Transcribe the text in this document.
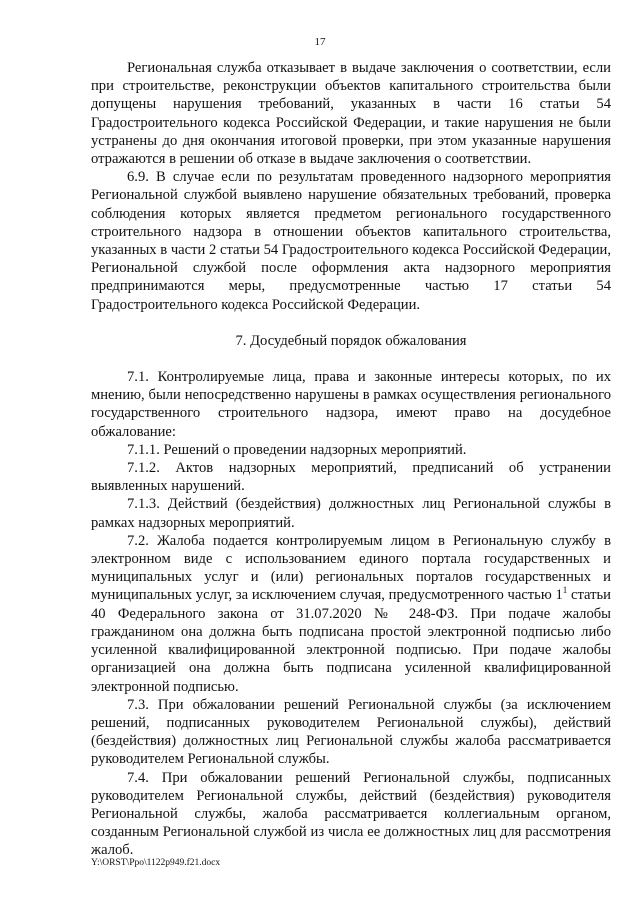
17

Региональная служба отказывает в выдаче заключения о соответствии, если при строительстве, реконструкции объектов капитального строительства были допущены нарушения требований, указанных в части 16 статьи 54 Градостроительного кодекса Российской Федерации, и такие нарушения не были устранены до дня окончания итоговой проверки, при этом указанные нарушения отражаются в решении об отказе в выдаче заключения о соответствии.

6.9. В случае если по результатам проведенного надзорного мероприятия Региональной службой выявлено нарушение обязательных требований, проверка соблюдения которых является предметом регионального государственного строительного надзора в отношении объектов капитального строительства, указанных в части 2 статьи 54 Градостроительного кодекса Российской Федерации, Региональной службой после оформления акта надзорного мероприятия предпринимаются меры, предусмотренные частью 17 статьи 54 Градостроительного кодекса Российской Федерации.

7. Досудебный порядок обжалования

7.1. Контролируемые лица, права и законные интересы которых, по их мнению, были непосредственно нарушены в рамках осуществления регионального государственного строительного надзора, имеют право на досудебное обжалование:

7.1.1. Решений о проведении надзорных мероприятий.

7.1.2. Актов надзорных мероприятий, предписаний об устранении выявленных нарушений.

7.1.3. Действий (бездействия) должностных лиц Региональной службы в рамках надзорных мероприятий.

7.2. Жалоба подается контролируемым лицом в Региональную службу в электронном виде с использованием единого портала государственных и муниципальных услуг и (или) региональных порталов государственных и муниципальных услуг, за исключением случая, предусмотренного частью $1^1$ статьи 40 Федерального закона от 31.07.2020 № 248-ФЗ. При подаче жалобы гражданином она должна быть подписана простой электронной подписью либо усиленной квалифицированной электронной подписью. При подаче жалобы организацией она должна быть подписана усиленной квалифицированной электронной подписью.

7.3. При обжаловании решений Региональной службы (за исключением решений, подписанных руководителем Региональной службы), действий (бездействия) должностных лиц Региональной службы жалоба рассматривается руководителем Региональной службы.

7.4. При обжаловании решений Региональной службы, подписанных руководителем Региональной службы, действий (бездействия) руководителя Региональной службы, жалоба рассматривается коллегиальным органом, созданным Региональной службой из числа ее должностных лиц для рассмотрения жалоб.

Y:\ORST\Ppo\1122p949.f21.docx
